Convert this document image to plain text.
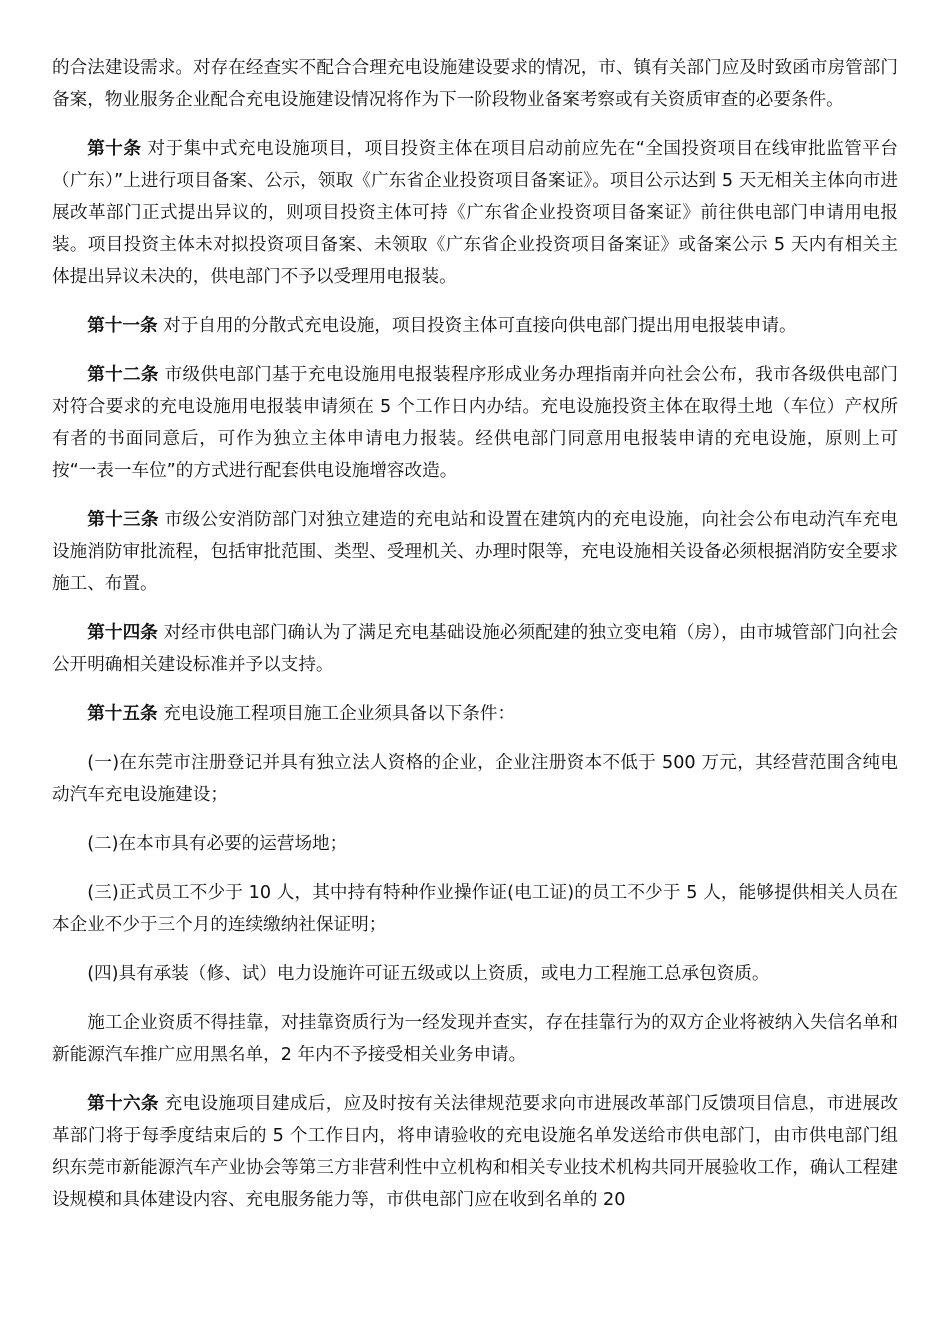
的合法建设需求。对存在经查实不配合合理充电设施建设要求的情况，市、镇有关部门应及时致函市房管部门备案，物业服务企业配合充电设施建设情况将作为下一阶段物业备案考察或有关资质审查的必要条件。

第十条 对于集中式充电设施项目，项目投资主体在项目启动前应先在“全国投资项目在线审批监管平台（广东）”上进行项目备案、公示，领取《广东省企业投资项目备案证》。项目公示达到 5 天无相关主体向市进展改革部门正式提出异议的，则项目投资主体可持《广东省企业投资项目备案证》前往供电部门申请用电报装。项目投资主体未对拟投资项目备案、未领取《广东省企业投资项目备案证》或备案公示 5 天内有相关主体提出异议未决的，供电部门不予以受理用电报装。

第十一条 对于自用的分散式充电设施，项目投资主体可直接向供电部门提出用电报装申请。

第十二条 市级供电部门基于充电设施用电报装程序形成业务办理指南并向社会公布，我市各级供电部门对符合要求的充电设施用电报装申请须在 5 个工作日内办结。充电设施投资主体在取得土地（车位）产权所有者的书面同意后，可作为独立主体申请电力报装。经供电部门同意用电报装申请的充电设施，原则上可按“一表一车位”的方式进行配套供电设施增容改造。

第十三条 市级公安消防部门对独立建造的充电站和设置在建筑内的充电设施，向社会公布电动汽车充电设施消防审批流程，包括审批范围、类型、受理机关、办理时限等，充电设施相关设备必须根据消防安全要求施工、布置。

第十四条 对经市供电部门确认为了满足充电基础设施必须配建的独立变电箱（房），由市城管部门向社会公开明确相关建设标准并予以支持。

第十五条 充电设施工程项目施工企业须具备以下条件：

(一)在东莞市注册登记并具有独立法人资格的企业，企业注册资本不低于 500 万元，其经营范围含纯电动汽车充电设施建设；

(二)在本市具有必要的运营场地；

(三)正式员工不少于 10 人，其中持有特种作业操作证(电工证)的员工不少于 5 人，能够提供相关人员在本企业不少于三个月的连续缴纳社保证明；

(四)具有承装（修、试）电力设施许可证五级或以上资质，或电力工程施工总承包资质。

施工企业资质不得挂靠，对挂靠资质行为一经发现并查实，存在挂靠行为的双方企业将被纳入失信名单和新能源汽车推广应用黑名单，2 年内不予接受相关业务申请。

第十六条 充电设施项目建成后，应及时按有关法律规范要求向市进展改革部门反馈项目信息，市进展改革部门将于每季度结束后的 5 个工作日内，将申请验收的充电设施名单发送给市供电部门，由市供电部门组织东莞市新能源汽车产业协会等第三方非营利性中立机构和相关专业技术机构共同开展验收工作，确认工程建设规模和具体建设内容、充电服务能力等，市供电部门应在收到名单的 20
